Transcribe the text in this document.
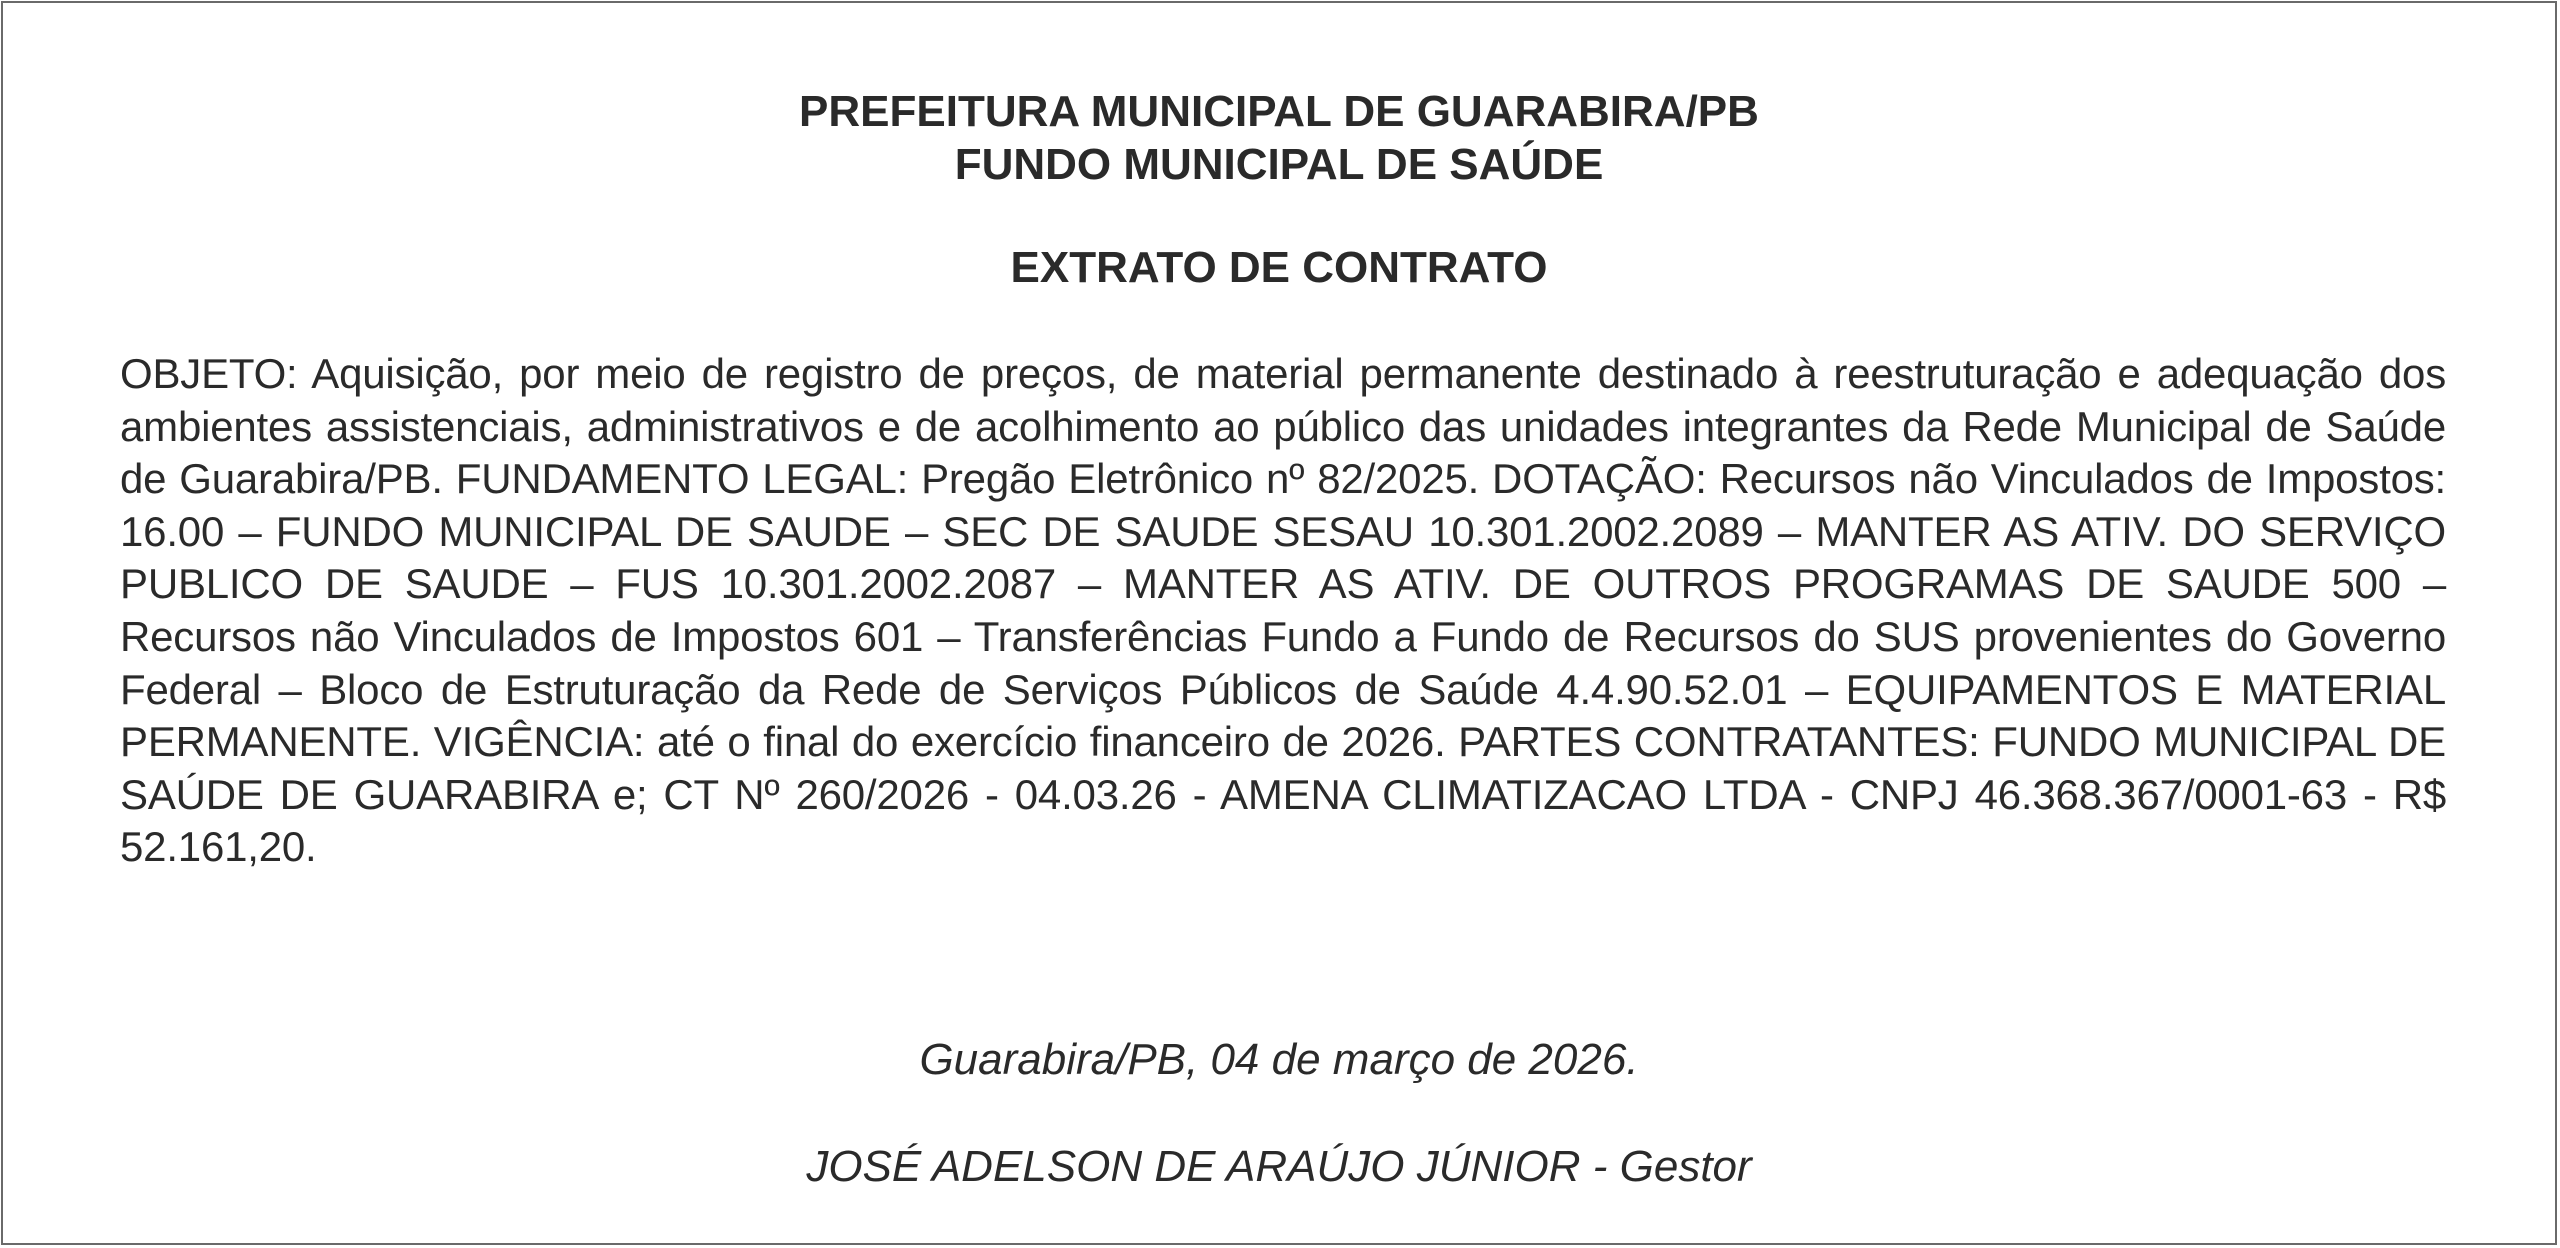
PREFEITURA MUNICIPAL DE GUARABIRA/PB
FUNDO MUNICIPAL DE SAÚDE
EXTRATO DE CONTRATO
OBJETO: Aquisição, por meio de registro de preços, de material permanente destinado à reestruturação e adequação dos ambientes assistenciais, administrativos e de acolhimento ao público das unidades integrantes da Rede Municipal de Saúde de Guarabira/PB. FUNDAMENTO LEGAL: Pregão Eletrônico nº 82/2025. DOTAÇÃO: Recursos não Vinculados de Impostos: 16.00 – FUNDO MUNICIPAL DE SAUDE – SEC DE SAUDE SESAU 10.301.2002.2089 – MANTER AS ATIV. DO SERVIÇO PUBLICO DE SAUDE – FUS 10.301.2002.2087 – MANTER AS ATIV. DE OUTROS PROGRAMAS DE SAUDE 500 – Recursos não Vinculados de Impostos 601 – Transferências Fundo a Fundo de Recursos do SUS provenientes do Governo Federal – Bloco de Estruturação da Rede de Serviços Públicos de Saúde 4.4.90.52.01 – EQUIPAMENTOS E MATERIAL PERMANENTE. VIGÊNCIA: até o final do exercício financeiro de 2026. PARTES CONTRATANTES: FUNDO MUNICIPAL DE SAÚDE DE GUARABIRA e; CT Nº 260/2026 - 04.03.26 - AMENA CLIMATIZACAO LTDA - CNPJ 46.368.367/0001-63 - R$ 52.161,20.
Guarabira/PB, 04 de março de 2026.
JOSÉ ADELSON DE ARAÚJO JÚNIOR - Gestor
